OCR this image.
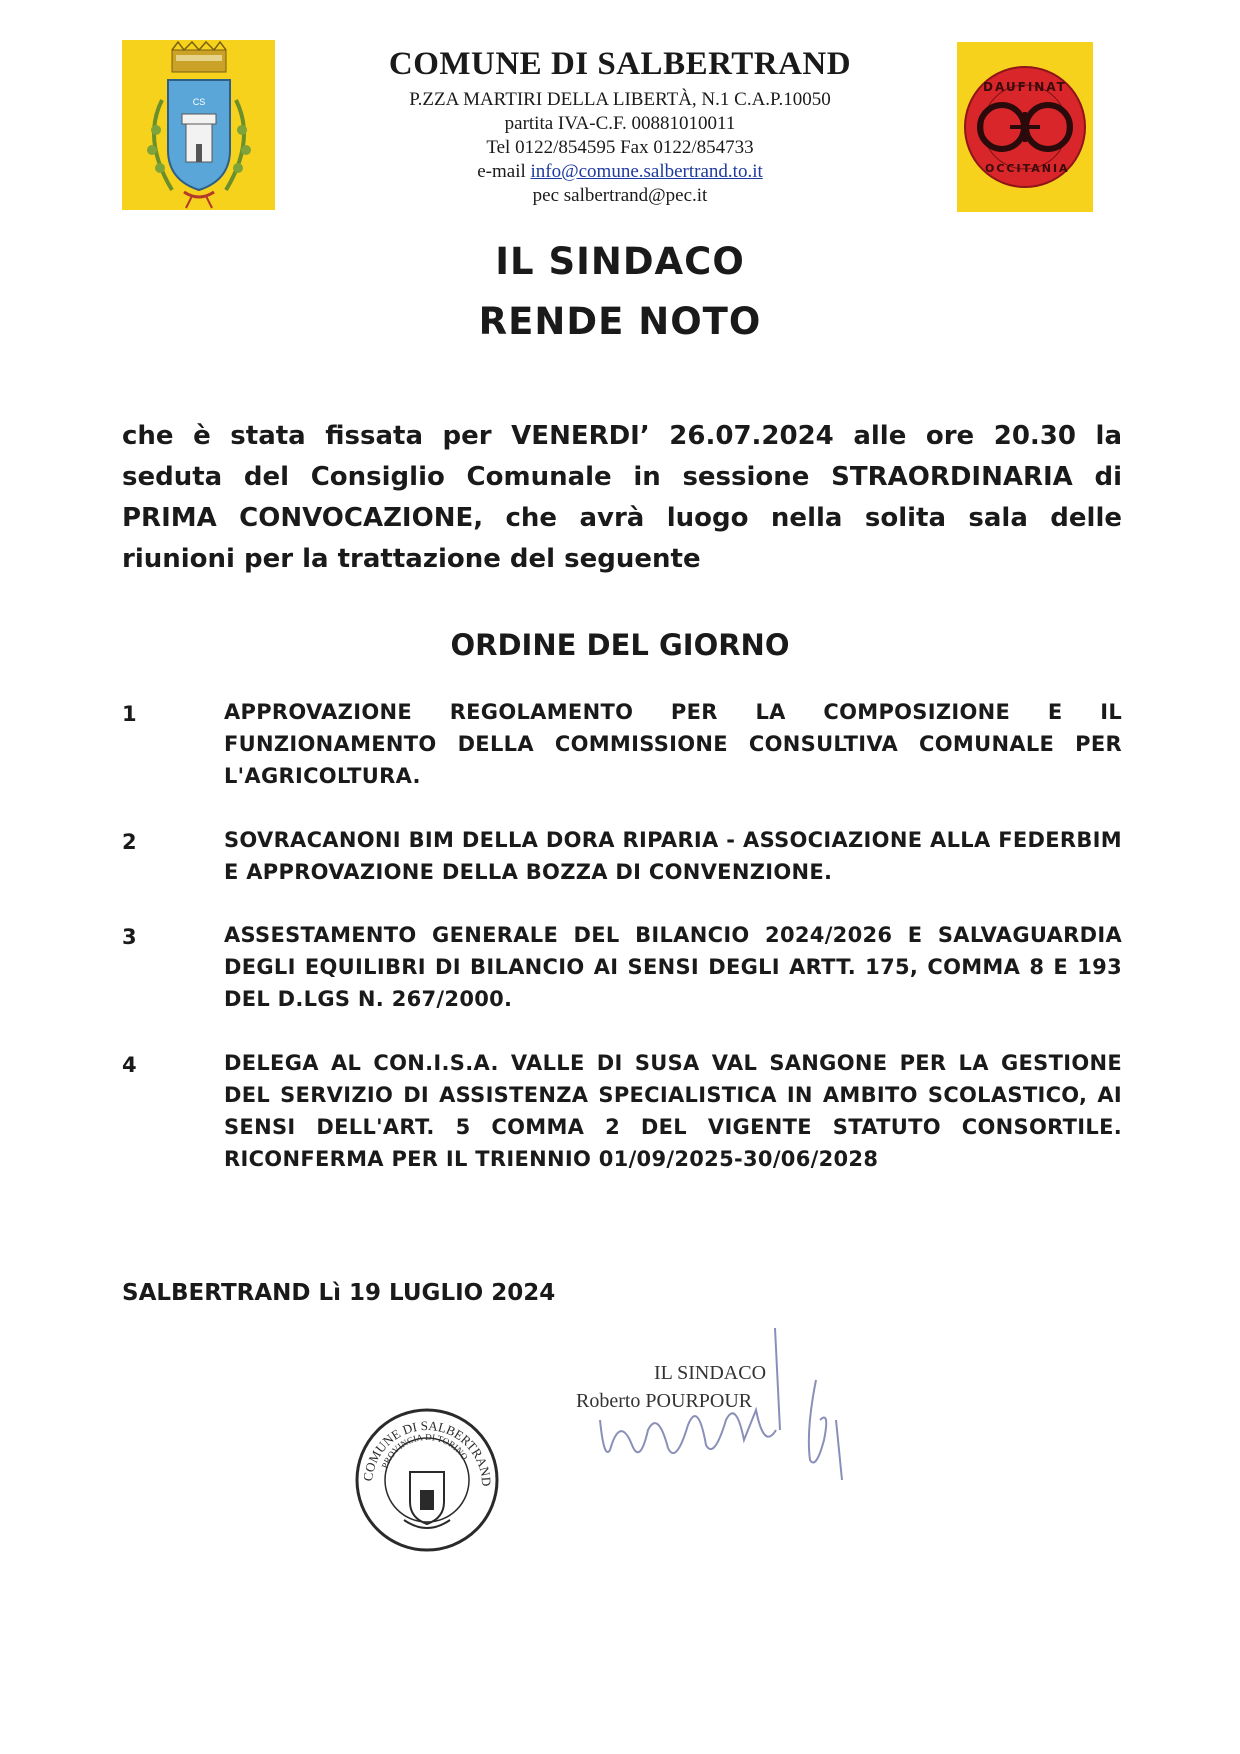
CS
DAUFINAT
OCCITANIA
COMUNE DI SALBERTRAND
P.ZZA MARTIRI DELLA LIBERTÀ, N.1 C.A.P.10050
partita IVA-C.F. 00881010011
Tel 0122/854595 Fax 0122/854733
e-mail info@comune.salbertrand.to.it
pec salbertrand@pec.it
IL SINDACO
RENDE NOTO
che è stata fissata per VENERDI’ 26.07.2024 alle ore 20.30 la seduta del Consiglio Comunale in sessione STRAORDINARIA di PRIMA CONVOCAZIONE, che avrà luogo nella solita sala delle riunioni per la trattazione del seguente
ORDINE DEL GIORNO
1	APPROVAZIONE REGOLAMENTO PER LA COMPOSIZIONE E IL FUNZIONAMENTO DELLA COMMISSIONE CONSULTIVA COMUNALE PER L'AGRICOLTURA.
2	SOVRACANONI BIM DELLA DORA RIPARIA - ASSOCIAZIONE ALLA FEDERBIM E APPROVAZIONE DELLA BOZZA DI CONVENZIONE.
3	ASSESTAMENTO GENERALE DEL BILANCIO 2024/2026 E SALVAGUARDIA DEGLI EQUILIBRI DI BILANCIO AI SENSI DEGLI ARTT. 175, COMMA 8 E 193 DEL D.LGS N. 267/2000.
4	DELEGA AL CON.I.S.A. VALLE DI SUSA VAL SANGONE PER LA GESTIONE DEL SERVIZIO DI ASSISTENZA SPECIALISTICA IN AMBITO SCOLASTICO, AI SENSI DELL'ART. 5 COMMA 2 DEL VIGENTE STATUTO CONSORTILE. RICONFERMA PER IL TRIENNIO 01/09/2025-30/06/2028
SALBERTRAND Lì 19 LUGLIO 2024
IL SINDACO
Roberto POURPOUR
COMUNE DI SALBERTRAND
PROVINCIA DI TORINO
